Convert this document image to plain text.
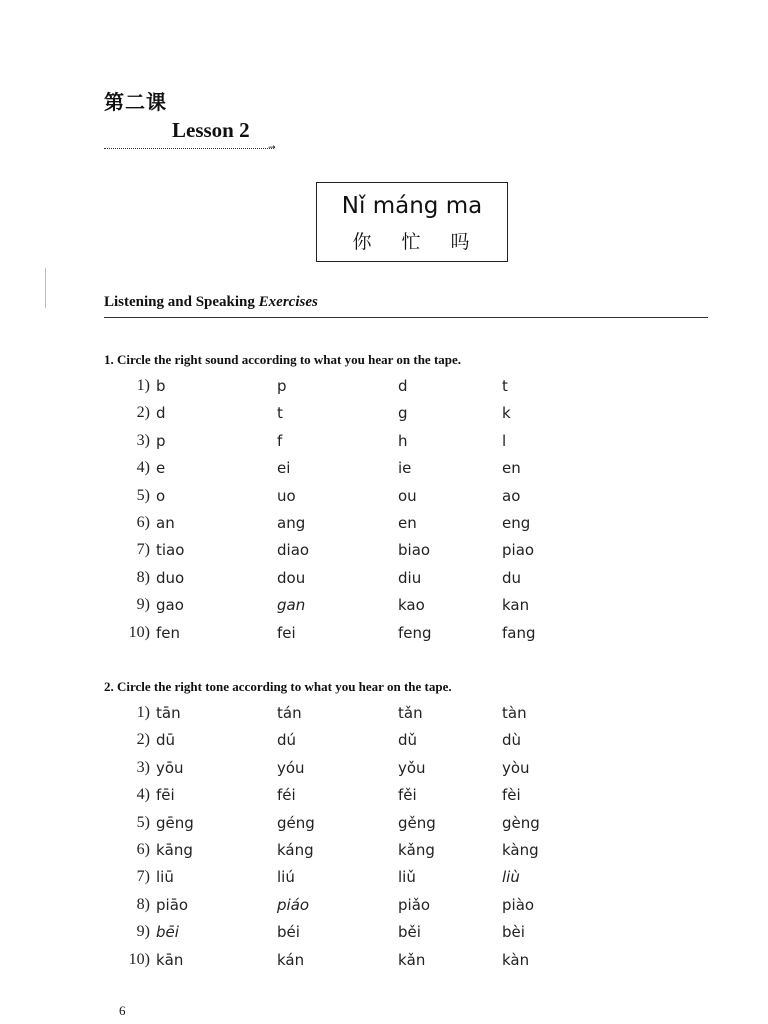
第二课
Lesson 2
→
Nǐ máng ma
你 忙 吗
Listening and Speaking Exercises
1. Circle the right sound according to what you hear on the tape.
1) b	p	d	t
2) d	t	g	k
3) p	f	h	l
4) e	ei	ie	en
5) o	uo	ou	ao
6) an	ang	en	eng
7) tiao	diao	biao	piao
8) duo	dou	diu	du
9) gao	gan	kao	kan
10) fen	fei	feng	fang
2. Circle the right tone according to what you hear on the tape.
1) tān	tán	tǎn	tàn
2) dū	dú	dǔ	dù
3) yōu	yóu	yǒu	yòu
4) fēi	féi	fěi	fèi
5) gēng	géng	gěng	gèng
6) kāng	káng	kǎng	kàng
7) liū	liú	liǔ	liù
8) piāo	piáo	piǎo	piào
9) bēi	béi	běi	bèi
10) kān	kán	kǎn	kàn
6
